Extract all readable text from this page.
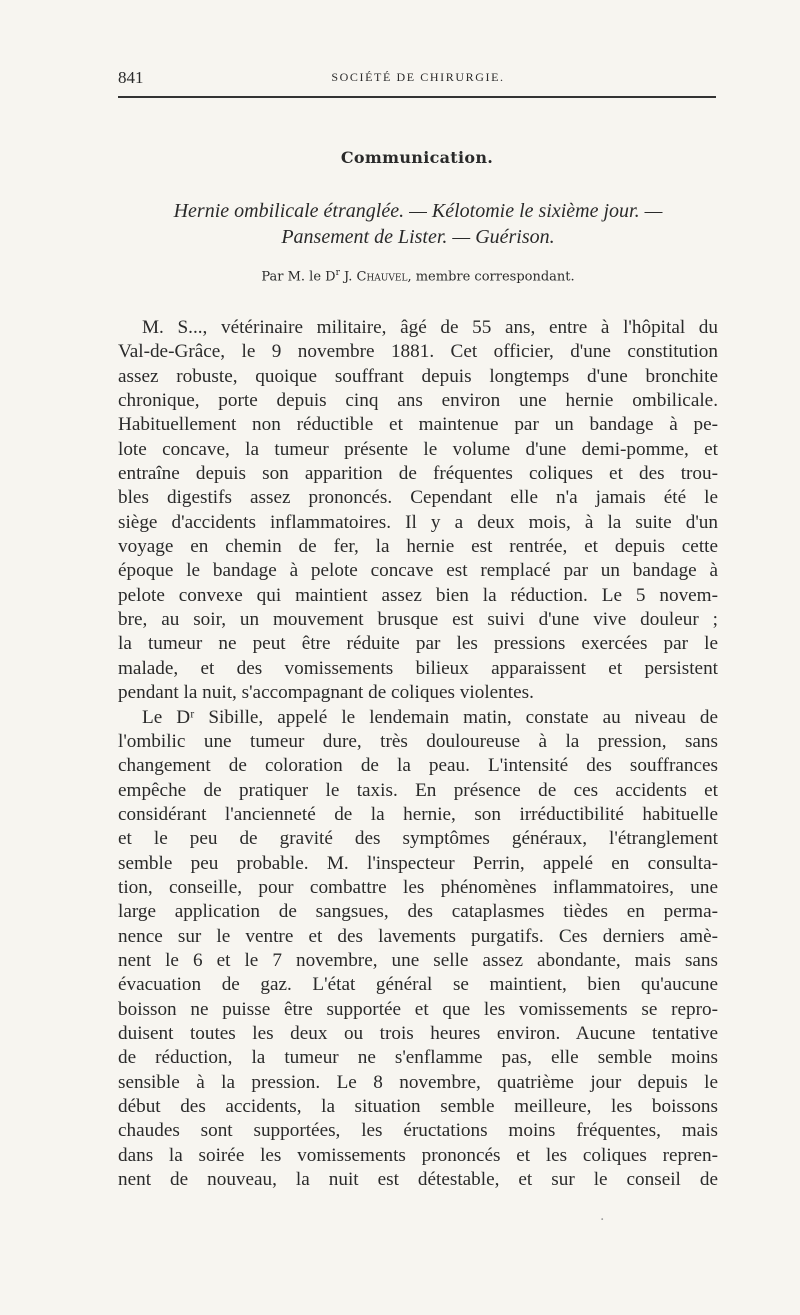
841	SOCIÉTÉ DE CHIRURGIE.
Communication.
Hernie ombilicale étranglée. — Kélotomie le sixième jour. —
Pansement de Lister. — Guérison.
Par M. le $D^r$ J. Chauvel, membre correspondant.
M. S..., vétérinaire militaire, âgé de 55 ans, entre à l'hôpital du
Val-de-Grâce, le 9 novembre 1881. Cet officier, d'une constitution
assez robuste, quoique souffrant depuis longtemps d'une bronchite
chronique, porte depuis cinq ans environ une hernie ombilicale.
Habituellement non réductible et maintenue par un bandage à pe-
lote concave, la tumeur présente le volume d'une demi-pomme, et
entraîne depuis son apparition de fréquentes coliques et des trou-
bles digestifs assez prononcés. Cependant elle n'a jamais été le
siège d'accidents inflammatoires. Il y a deux mois, à la suite d'un
voyage en chemin de fer, la hernie est rentrée, et depuis cette
époque le bandage à pelote concave est remplacé par un bandage à
pelote convexe qui maintient assez bien la réduction. Le 5 novem-
bre, au soir, un mouvement brusque est suivi d'une vive douleur ;
la tumeur ne peut être réduite par les pressions exercées par le
malade, et des vomissements bilieux apparaissent et persistent
pendant la nuit, s'accompagnant de coliques violentes.
Le Dʳ Sibille, appelé le lendemain matin, constate au niveau de
l'ombilic une tumeur dure, très douloureuse à la pression, sans
changement de coloration de la peau. L'intensité des souffrances
empêche de pratiquer le taxis. En présence de ces accidents et
considérant l'ancienneté de la hernie, son irréductibilité habituelle
et le peu de gravité des symptômes généraux, l'étranglement
semble peu probable. M. l'inspecteur Perrin, appelé en consulta-
tion, conseille, pour combattre les phénomènes inflammatoires, une
large application de sangsues, des cataplasmes tièdes en perma-
nence sur le ventre et des lavements purgatifs. Ces derniers amè-
nent le 6 et le 7 novembre, une selle assez abondante, mais sans
évacuation de gaz. L'état général se maintient, bien qu'aucune
boisson ne puisse être supportée et que les vomissements se repro-
duisent toutes les deux ou trois heures environ. Aucune tentative
de réduction, la tumeur ne s'enflamme pas, elle semble moins
sensible à la pression. Le 8 novembre, quatrième jour depuis le
début des accidents, la situation semble meilleure, les boissons
chaudes sont supportées, les éructations moins fréquentes, mais
dans la soirée les vomissements prononcés et les coliques repren-
nent de nouveau, la nuit est détestable, et sur le conseil de
·
